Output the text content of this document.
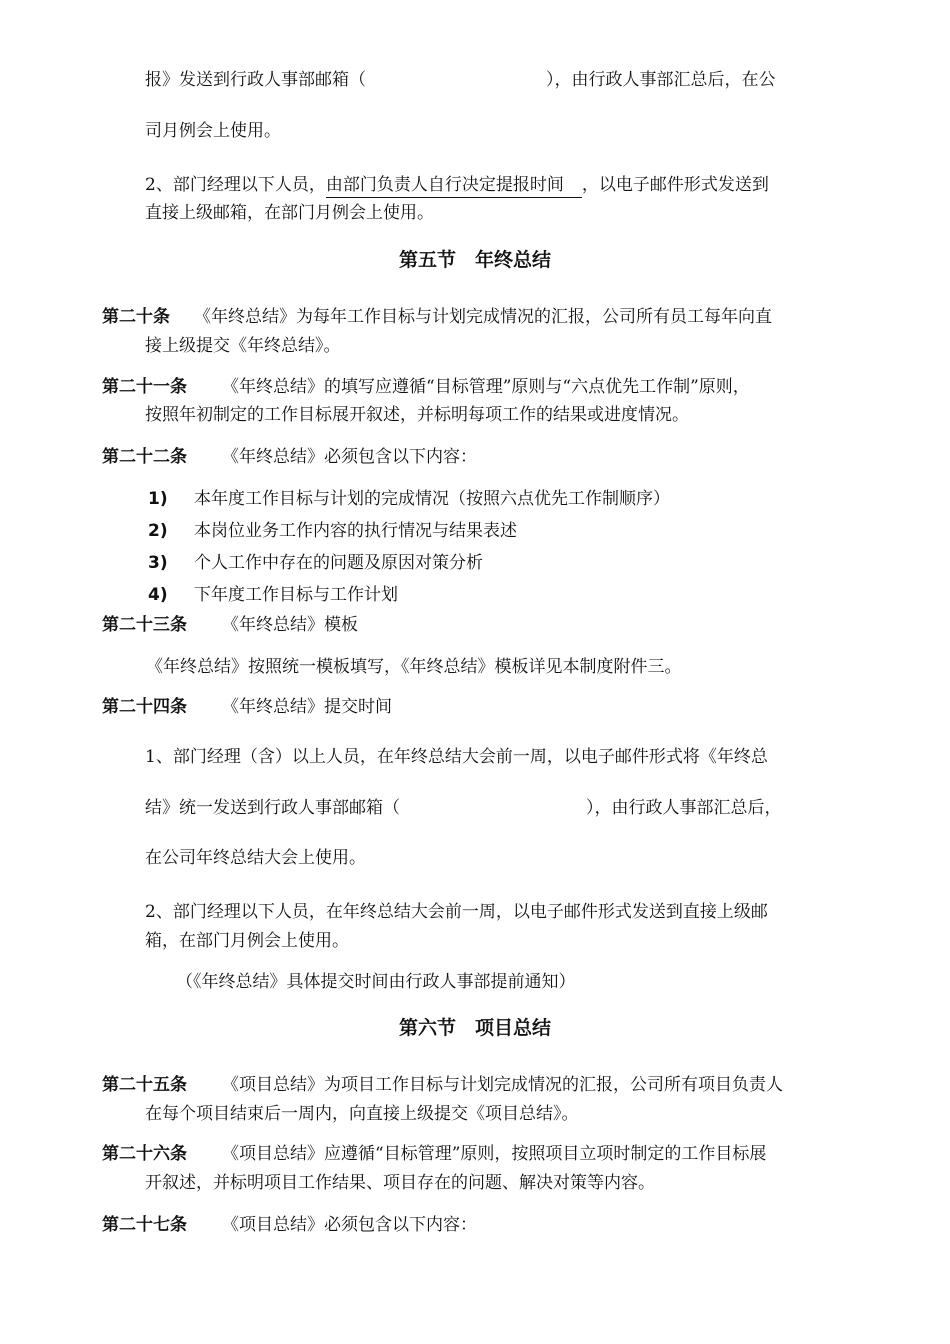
报》发送到行政人事部邮箱（	），由行政人事部汇总后，在公
司月例会上使用。
2、部门经理以下人员，由部门负责人自行决定提报时间 ，以电子邮件形式发送到
直接上级邮箱，在部门月例会上使用。
第五节　年终总结
第二十条 《年终总结》为每年工作目标与计划完成情况的汇报，公司所有员工每年向直
接上级提交《年终总结》。
第二十一条 《年终总结》的填写应遵循“目标管理”原则与“六点优先工作制”原则，
按照年初制定的工作目标展开叙述，并标明每项工作的结果或进度情况。
第二十二条 《年终总结》必须包含以下内容：
1) 本年度工作目标与计划的完成情况（按照六点优先工作制顺序）
2) 本岗位业务工作内容的执行情况与结果表述
3) 个人工作中存在的问题及原因对策分析
4) 下年度工作目标与工作计划
第二十三条 《年终总结》模板
《年终总结》按照统一模板填写，《年终总结》模板详见本制度附件三。
第二十四条 《年终总结》提交时间
1、部门经理（含）以上人员，在年终总结大会前一周，以电子邮件形式将《年终总
结》统一发送到行政人事部邮箱（	），由行政人事部汇总后，
在公司年终总结大会上使用。
2、部门经理以下人员，在年终总结大会前一周，以电子邮件形式发送到直接上级邮
箱，在部门月例会上使用。
（《年终总结》具体提交时间由行政人事部提前通知）
第六节　项目总结
第二十五条 《项目总结》为项目工作目标与计划完成情况的汇报，公司所有项目负责人
在每个项目结束后一周内，向直接上级提交《项目总结》。
第二十六条 《项目总结》应遵循“目标管理”原则，按照项目立项时制定的工作目标展
开叙述，并标明项目工作结果、项目存在的问题、解决对策等内容。
第二十七条 《项目总结》必须包含以下内容：
